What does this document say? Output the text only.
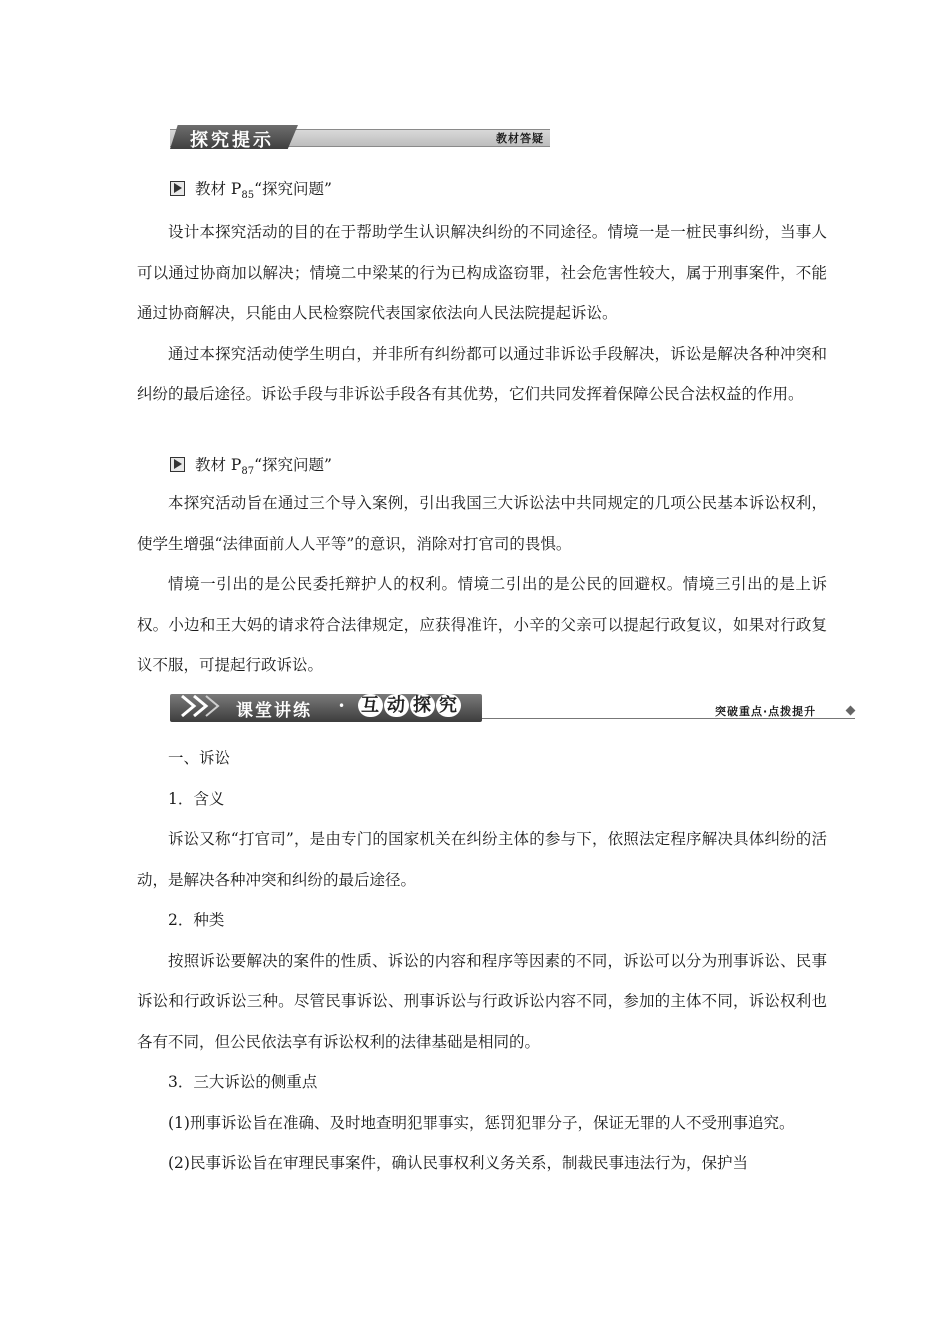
探究提示	教材答疑
教材 $P_{85}“$探究问题”

设计本探究活动的目的在于帮助学生认识解决纠纷的不同途径。情境一是一桩民事纠纷，当事人可以通过协商加以解决；情境二中梁某的行为已构成盗窃罪，社会危害性较大，属于刑事案件，不能通过协商解决，只能由人民检察院代表国家依法向人民法院提起诉讼。

通过本探究活动使学生明白，并非所有纠纷都可以通过非诉讼手段解决，诉讼是解决各种冲突和纠纷的最后途径。诉讼手段与非诉讼手段各有其优势，它们共同发挥着保障公民合法权益的作用。

教材 $P_{87}“$探究问题”

本探究活动旨在通过三个导入案例，引出我国三大诉讼法中共同规定的几项公民基本诉讼权利，使学生增强“法律面前人人平等”的意识，消除对打官司的畏惧。

情境一引出的是公民委托辩护人的权利。情境二引出的是公民的回避权。情境三引出的是上诉权。小边和王大妈的请求符合法律规定，应获得准许，小辛的父亲可以提起行政复议，如果对行政复议不服，可提起行政诉讼。

课堂讲练 • 互 动 探 究	突破重点·点拨提升

一、诉讼

1．含义

诉讼又称“打官司”，是由专门的国家机关在纠纷主体的参与下，依照法定程序解决具体纠纷的活动，是解决各种冲突和纠纷的最后途径。

2．种类

按照诉讼要解决的案件的性质、诉讼的内容和程序等因素的不同，诉讼可以分为刑事诉讼、民事诉讼和行政诉讼三种。尽管民事诉讼、刑事诉讼与行政诉讼内容不同，参加的主体不同，诉讼权利也各有不同，但公民依法享有诉讼权利的法律基础是相同的。

3．三大诉讼的侧重点

(1)刑事诉讼旨在准确、及时地查明犯罪事实，惩罚犯罪分子，保证无罪的人不受刑事追究。

(2)民事诉讼旨在审理民事案件，确认民事权利义务关系，制裁民事违法行为，保护当
